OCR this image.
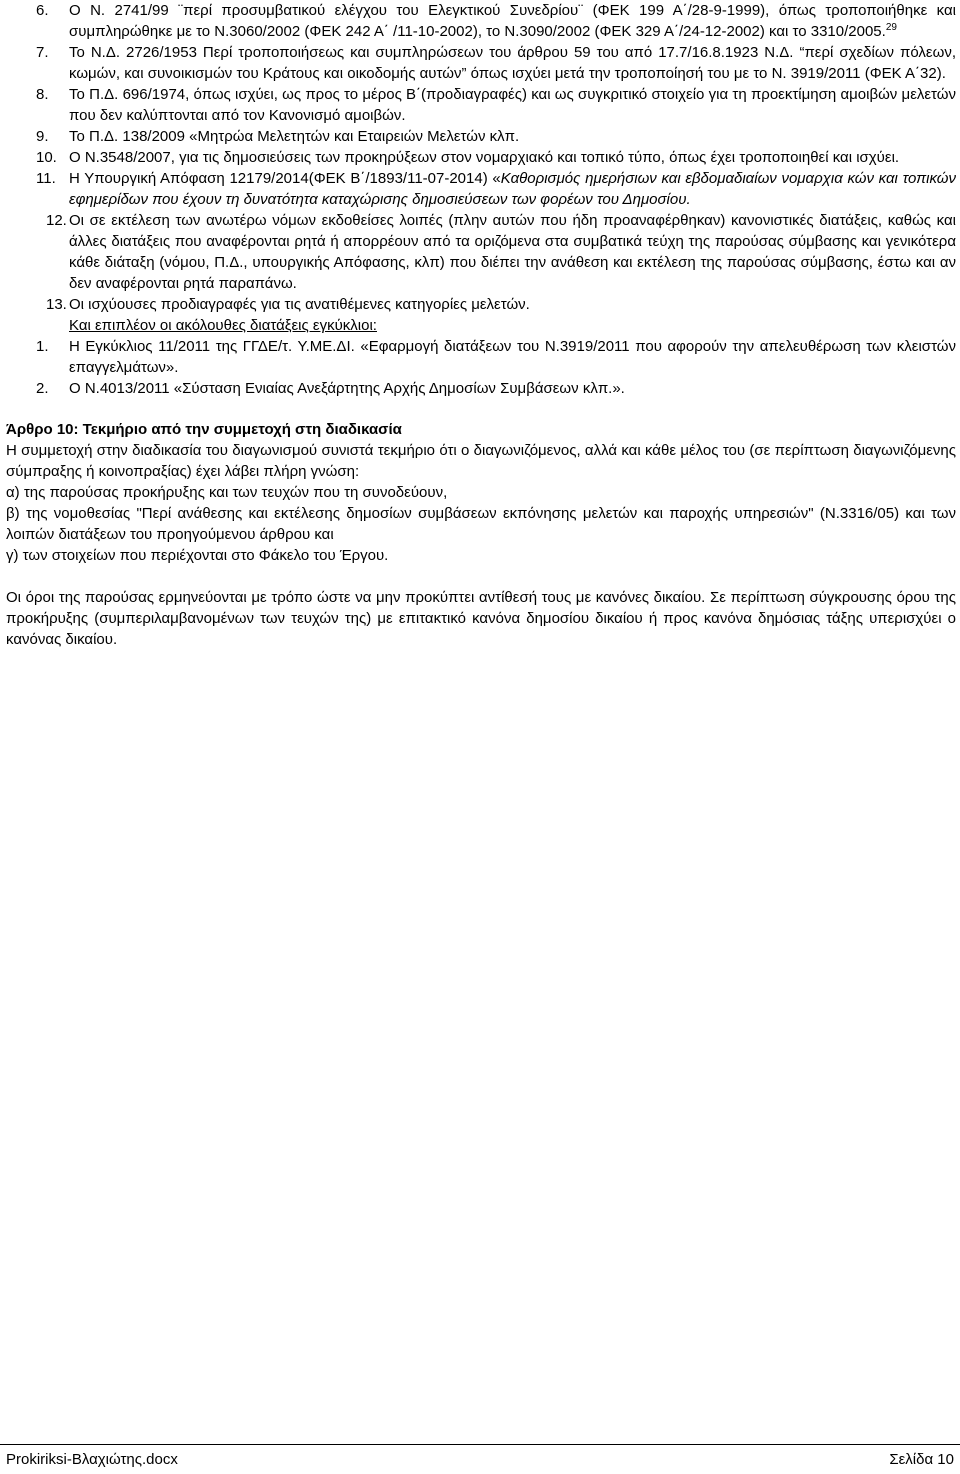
6. Ο Ν. 2741/99 ¨περί προσυμβατικού ελέγχου του Ελεγκτικού Συνεδρίου¨ (ΦΕΚ 199 Α΄/28-9-1999), όπως τροποποιήθηκε και συμπληρώθηκε με το Ν.3060/2002 (ΦΕΚ 242 Α΄ /11-10-2002), το Ν.3090/2002 (ΦΕΚ 329 Α΄/24-12-2002) και το 3310/2005.29
7. Το Ν.Δ. 2726/1953 Περί τροποποιήσεως και συμπληρώσεων του άρθρου 59 του από 17.7/16.8.1923 Ν.Δ. “περί σχεδίων πόλεων, κωμών, και συνοικισμών του Κράτους και οικοδομής αυτών” όπως ισχύει μετά την τροποποίησή του με το Ν. 3919/2011 (ΦΕΚ Α΄32).
8. Το Π.Δ. 696/1974, όπως ισχύει, ως προς το μέρος Β΄(προδιαγραφές) και ως συγκριτικό στοιχείο για τη προεκτίμηση αμοιβών μελετών που δεν καλύπτονται από τον Κανονισμό αμοιβών.
9. Το Π.Δ. 138/2009 «Μητρώα Μελετητών και Εταιρειών Μελετών κλπ.
10. Ο Ν.3548/2007, για τις δημοσιεύσεις των προκηρύξεων στον νομαρχιακό και τοπικό τύπο, όπως έχει τροποποιηθεί και ισχύει.
11. Η Υπουργική Απόφαση 12179/2014(ΦΕΚ Β΄/1893/11-07-2014) «Καθορισμός ημερήσιων και εβδομαδιαίων νομαρχια κών και τοπικών εφημερίδων που έχουν τη δυνατότητα καταχώρισης δημοσιεύσεων των φορέων του Δημοσίου.
12. Οι σε εκτέλεση των ανωτέρω νόμων εκδοθείσες λοιπές (πλην αυτών που ήδη προαναφέρθηκαν) κανονιστικές διατάξεις, καθώς και άλλες διατάξεις που αναφέρονται ρητά ή απορρέουν από τα οριζόμενα στα συμβατικά τεύχη της παρούσας σύμβασης και γενικότερα κάθε διάταξη (νόμου, Π.Δ., υπουργικής Απόφασης, κλπ) που διέπει την ανάθεση και εκτέλεση της παρούσας σύμβασης, έστω και αν δεν αναφέρονται ρητά παραπάνω.
13. Οι ισχύουσες προδιαγραφές για τις ανατιθέμενες κατηγορίες μελετών.
Και επιπλέον οι ακόλουθες διατάξεις εγκύκλιοι:
1. Η Εγκύκλιος 11/2011 της ΓΓΔΕ/τ. Υ.ΜΕ.ΔΙ. «Εφαρμογή διατάξεων του Ν.3919/2011 που αφορούν την απελευθέρωση των κλειστών επαγγελμάτων».
2. Ο Ν.4013/2011 «Σύσταση Ενιαίας Ανεξάρτητης Αρχής Δημοσίων Συμβάσεων κλπ.».
Άρθρο 10: Τεκμήριο από την συμμετοχή στη διαδικασία
Η συμμετοχή στην διαδικασία του διαγωνισμού συνιστά τεκμήριο ότι ο διαγωνιζόμενος, αλλά και κάθε μέλος του (σε περίπτωση διαγωνιζόμενης σύμπραξης ή κοινοπραξίας) έχει λάβει πλήρη γνώση:
α) της παρούσας προκήρυξης και των τευχών που τη συνοδεύουν,
β) της νομοθεσίας "Περί ανάθεσης και εκτέλεσης δημοσίων συμβάσεων εκπόνησης μελετών και παροχής υπηρεσιών" (Ν.3316/05) και των λοιπών διατάξεων του προηγούμενου άρθρου και
γ) των στοιχείων που περιέχονται στο Φάκελο του Έργου.
Οι όροι της παρούσας ερμηνεύονται με τρόπο ώστε να μην προκύπτει αντίθεσή τους με κανόνες δικαίου. Σε περίπτωση σύγκρουσης όρου της προκήρυξης (συμπεριλαμβανομένων των τευχών της) με επιτακτικό κανόνα δημοσίου δικαίου ή προς κανόνα δημόσιας τάξης υπερισχύει ο κανόνας δικαίου.
Prokiriksi-Βλαχιώτης.docx	Σελίδα 10
